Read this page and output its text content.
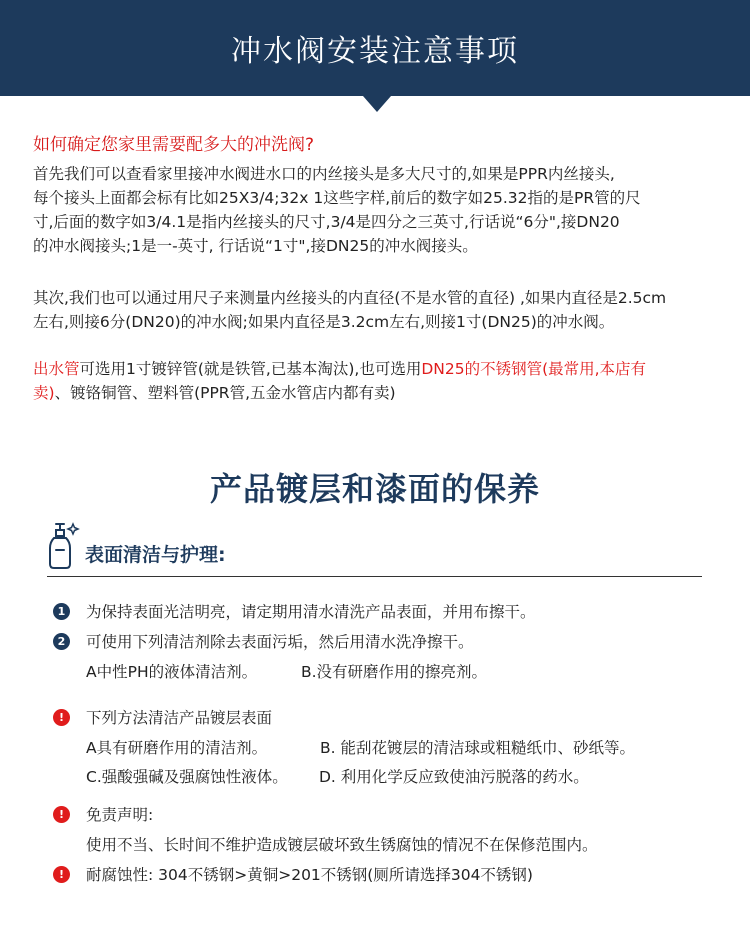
冲水阀安装注意事项
如何确定您家里需要配多大的冲洗阀?
首先我们可以查看家里接冲水阀进水口的内丝接头是多大尺寸的,如果是PPR内丝接头,
每个接头上面都会标有比如25X3/4;32x 1这些字样,前后的数字如25.32指的是PR管的尺
寸,后面的数字如3/4.1是指内丝接头的尺寸,3/4是四分之三英寸,行话说“6分",接DN20
的冲水阀接头;1是一-英寸, 行话说“1寸",接DN25的冲水阀接头。
其次,我们也可以通过用尺子来测量内丝接头的内直径(不是水管的直径) ,如果内直径是2.5cm
左右,则接6分(DN20)的冲水阀;如果内直径是3.2cm左右,则接1寸(DN25)的冲水阀。
出水管可选用1寸镀锌管(就是铁管,已基本淘汰),也可选用DN25的不锈钢管(最常用,本店有
卖)、镀铬铜管、塑料管(PPR管,五金水管店内都有卖)
产品镀层和漆面的保养
表面清洁与护理:
1	为保持表面光洁明亮，请定期用清水清洗产品表面，并用布擦干。
2	可使用下列清洁剂除去表面污垢，然后用清水洗净擦干。
A中性PH的液体清洁剂。	B.没有研磨作用的擦亮剂。
!	下列方法清洁产品镀层表面
A具有研磨作用的清洁剂。	B. 能刮花镀层的清洁球或粗糙纸巾、砂纸等。
C.强酸强碱及强腐蚀性液体。 D. 利用化学反应致使油污脱落的药水。
!	免责声明:
使用不当、长时间不维护造成镀层破坏致生锈腐蚀的情况不在保修范围内。
!	耐腐蚀性: 304不锈钢>黄铜>201不锈钢(厕所请选择304不锈钢)
